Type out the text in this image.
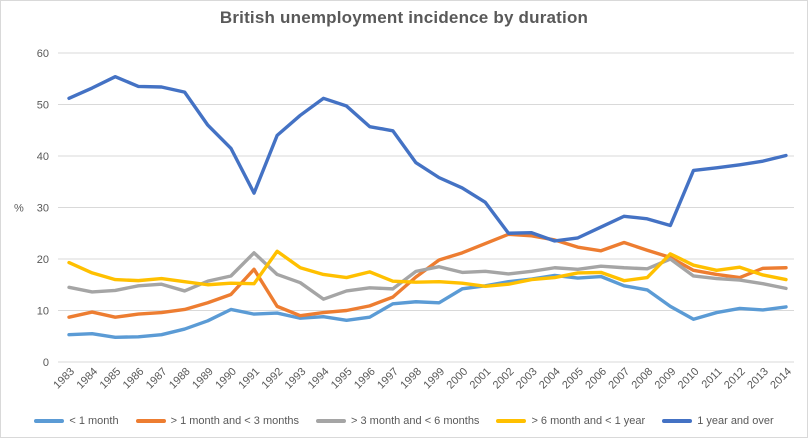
British unemployment incidence by duration
0
10
20
30
40
50
60
%
1983
1984
1985
1986
1987
1988
1989
1990
1991
1992
1993
1994
1995
1996
1997
1998
1999
2000
2001
2002
2003
2004
2005
2006
2007
2008
2009
2010
2011
2012
2013
2014
< 1 month	> 1 month and < 3 months	> 3 month and < 6 months	> 6 month and < 1 year	1 year and over
